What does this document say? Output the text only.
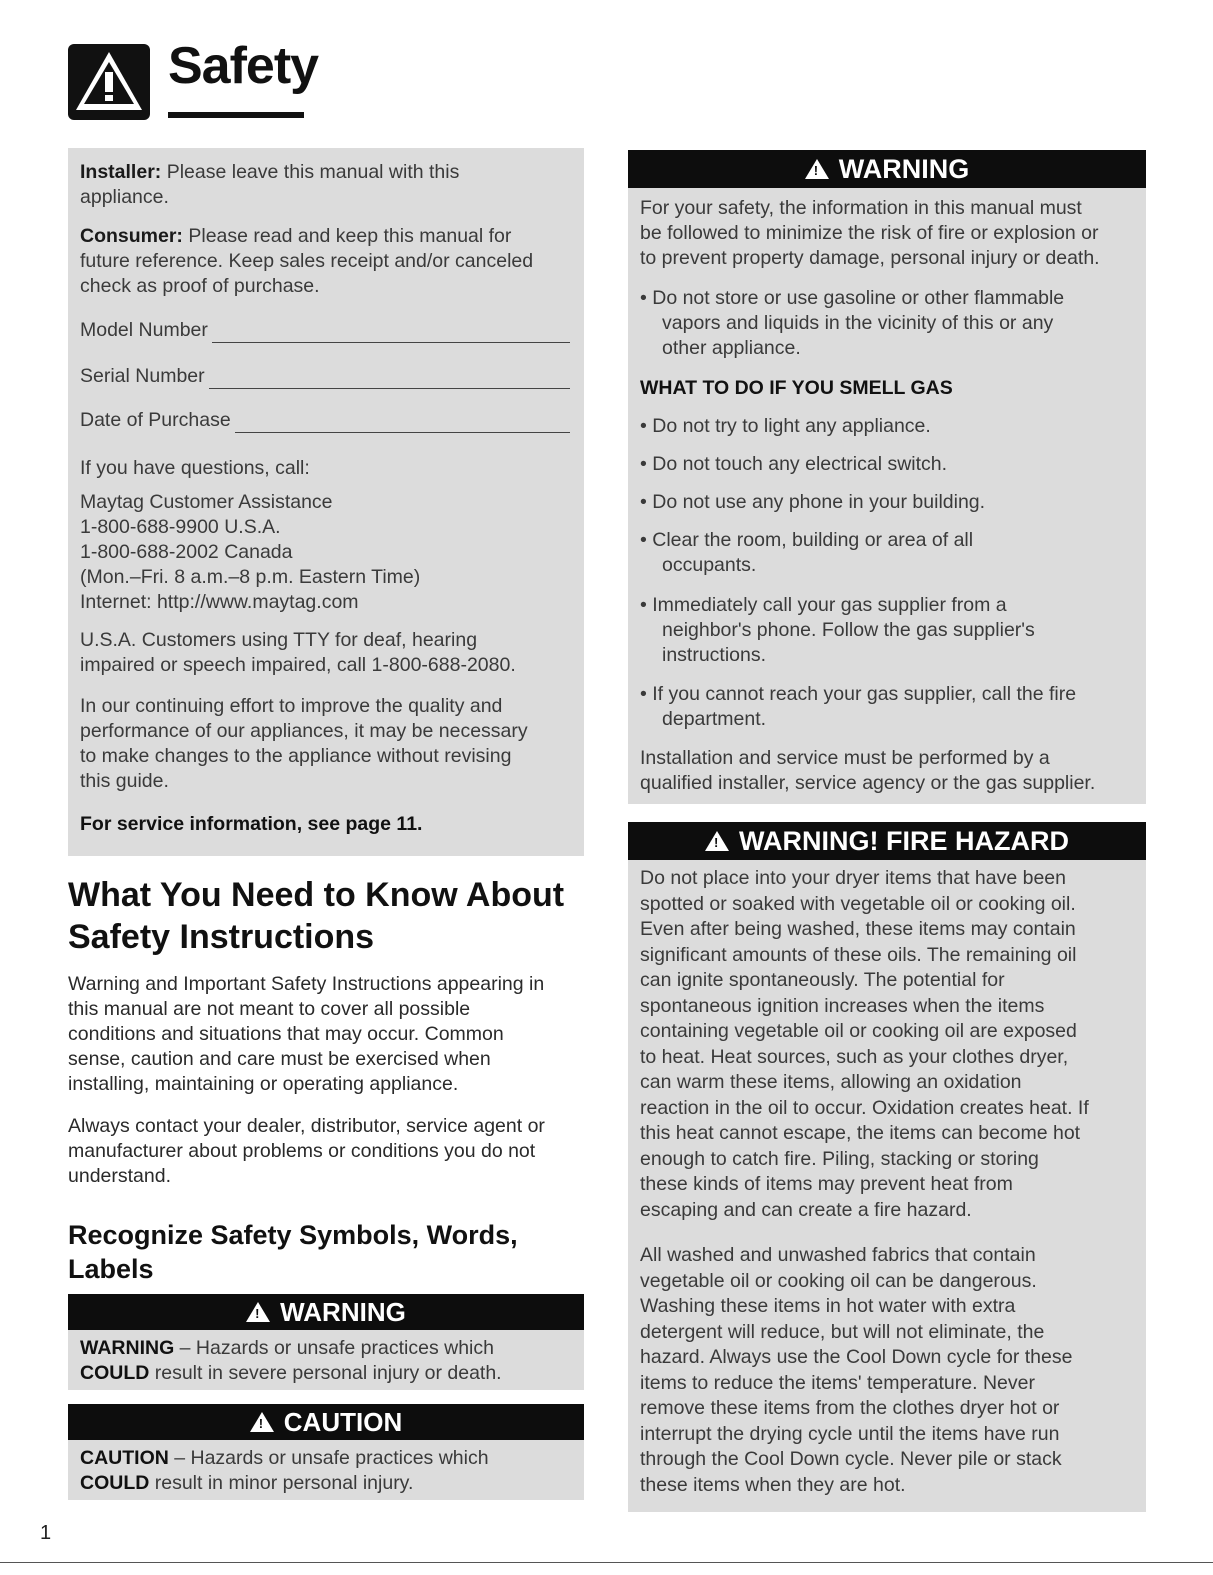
Safety

Installer: Please leave this manual with this

appliance.

Consumer: Please read and keep this manual for

future reference. Keep sales receipt and/or canceled

check as proof of purchase.

Model Number
Serial Number
Date of Purchase

If you have questions, call:

Maytag Customer Assistance

1-800-688-9900 U.S.A.

1-800-688-2002 Canada

(Mon.–Fri. 8 a.m.–8 p.m. Eastern Time)

Internet: http://www.maytag.com

U.S.A. Customers using TTY for deaf, hearing

impaired or speech impaired, call 1-800-688-2080.

In our continuing effort to improve the quality and

performance of our appliances, it may be necessary

to make changes to the appliance without revising

this guide.

For service information, see page 11.

What You Need to Know About
Safety Instructions

Warning and Important Safety Instructions appearing in

this manual are not meant to cover all possible

conditions and situations that may occur. Common

sense, caution and care must be exercised when

installing, maintaining or operating appliance.

Always contact your dealer, distributor, service agent or

manufacturer about problems or conditions you do not

understand.

Recognize Safety Symbols, Words,
Labels
!
WARNING

WARNING – Hazards or unsafe practices which

COULD result in severe personal injury or death.

!
CAUTION

CAUTION – Hazards or unsafe practices which

COULD result in minor personal injury.

!
WARNING

For your safety, the information in this manual must

be followed to minimize the risk of fire or explosion or

to prevent property damage, personal injury or death.

• Do not store or use gasoline or other flammable

vapors and liquids in the vicinity of this or any

other appliance.

WHAT TO DO IF YOU SMELL GAS

• Do not try to light any appliance.

• Do not touch any electrical switch.

• Do not use any phone in your building.

• Clear the room, building or area of all

occupants.

• Immediately call your gas supplier from a

neighbor's phone. Follow the gas supplier's

instructions.

• If you cannot reach your gas supplier, call the fire

department.

Installation and service must be performed by a

qualified installer, service agency or the gas supplier.

!
WARNING! FIRE HAZARD

Do not place into your dryer items that have been

spotted or soaked with vegetable oil or cooking oil.

Even after being washed, these items may contain

significant amounts of these oils. The remaining oil

can ignite spontaneously. The potential for

spontaneous ignition increases when the items

containing vegetable oil or cooking oil are exposed

to heat. Heat sources, such as your clothes dryer,

can warm these items, allowing an oxidation

reaction in the oil to occur. Oxidation creates heat. If

this heat cannot escape, the items can become hot

enough to catch fire. Piling, stacking or storing

these kinds of items may prevent heat from

escaping and can create a fire hazard.

All washed and unwashed fabrics that contain

vegetable oil or cooking oil can be dangerous.

Washing these items in hot water with extra

detergent will reduce, but will not eliminate, the

hazard. Always use the Cool Down cycle for these

items to reduce the items' temperature. Never

remove these items from the clothes dryer hot or

interrupt the drying cycle until the items have run

through the Cool Down cycle. Never pile or stack

these items when they are hot.

1
